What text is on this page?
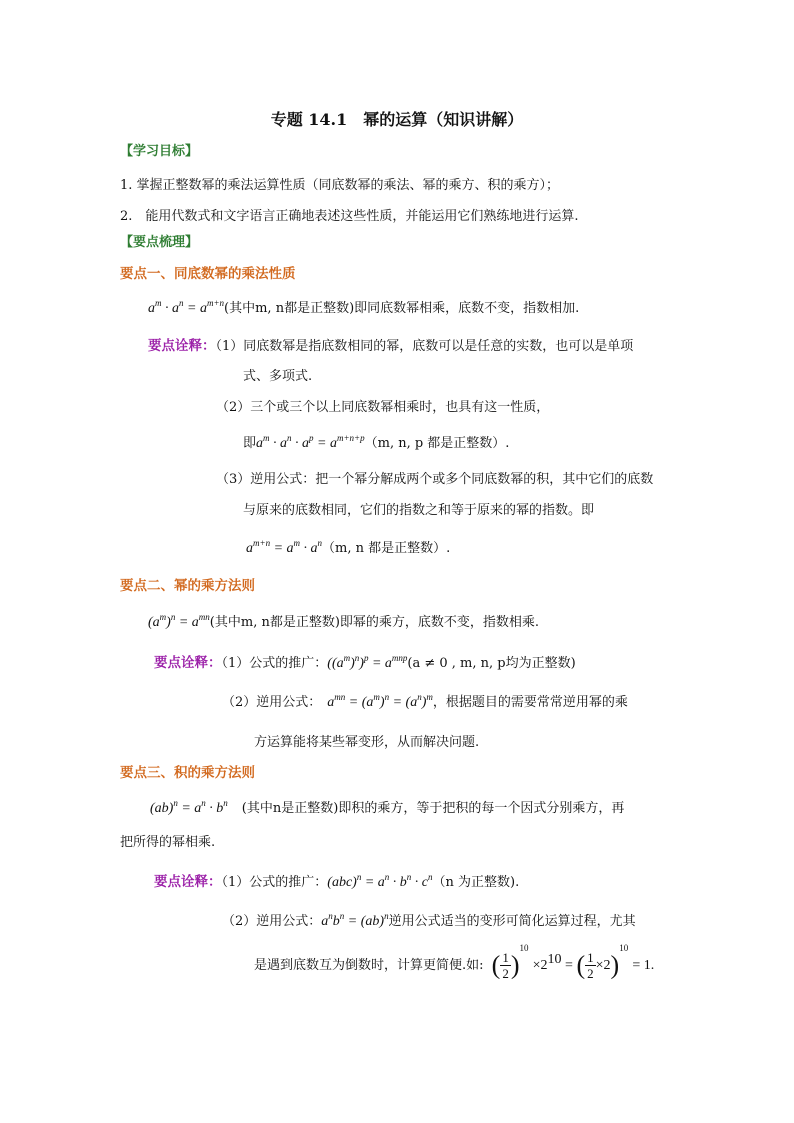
专题 14.1　幂的运算（知识讲解）
【学习目标】
1. 掌握正整数幂的乘法运算性质（同底数幂的乘法、幂的乘方、积的乘方）；
2.　能用代数式和文字语言正确地表述这些性质，并能运用它们熟练地进行运算.
【要点梳理】
要点一、同底数幂的乘法性质
$a^m \cdot a^n = a^{m+n}$(其中m, n都是正整数)即同底数幂相乘，底数不变，指数相加.
要点诠释：（1）同底数幂是指底数相同的幂，底数可以是任意的实数，也可以是单项
式、多项式.
（2）三个或三个以上同底数幂相乘时，也具有这一性质，
即$a^m \cdot a^n \cdot a^p = a^{m+n+p}(m$, n, p 都是正整数）.
（3）逆用公式：把一个幂分解成两个或多个同底数幂的积，其中它们的底数
与原来的底数相同，它们的指数之和等于原来的幂的指数。即
$a^{m+n} = a^m \cdot a^n(m$, n 都是正整数）.
要点二、幂的乘方法则
$(a^m)^n = a^{mn}$(其中m, n都是正整数)即幂的乘方，底数不变，指数相乘.
要点诠释：（1）公式的推广：$((a^m)^n)^p = a^{mnp}(a \ne 0$ , m, n, p均为正整数)
（2）逆用公式： $a^{mn} = (a^m)^n = (a^n)^m$，根据题目的需要常常逆用幂的乘
方运算能将某些幂变形，从而解决问题.
要点三、积的乘方法则
$(ab)^n = a^n \cdot b^n$ (其中n是正整数)即积的乘方，等于把积的每一个因式分别乘方，再
把所得的幂相乘.
要点诠释：（1）公式的推广：$(abc)^n = a^n \cdot b^n \cdot c^n(n$ 为正整数).
（2）逆用公式：$a^nb^n = (ab)^n$逆用公式适当的变形可简化运算过程，尤其
是遇到底数互为倒数时，计算更简便.如: ( $\frac{1}{2} )^{10} \times 2^{10}$ = ( $\frac{1}{2} \times 2)^{10} = 1$.
